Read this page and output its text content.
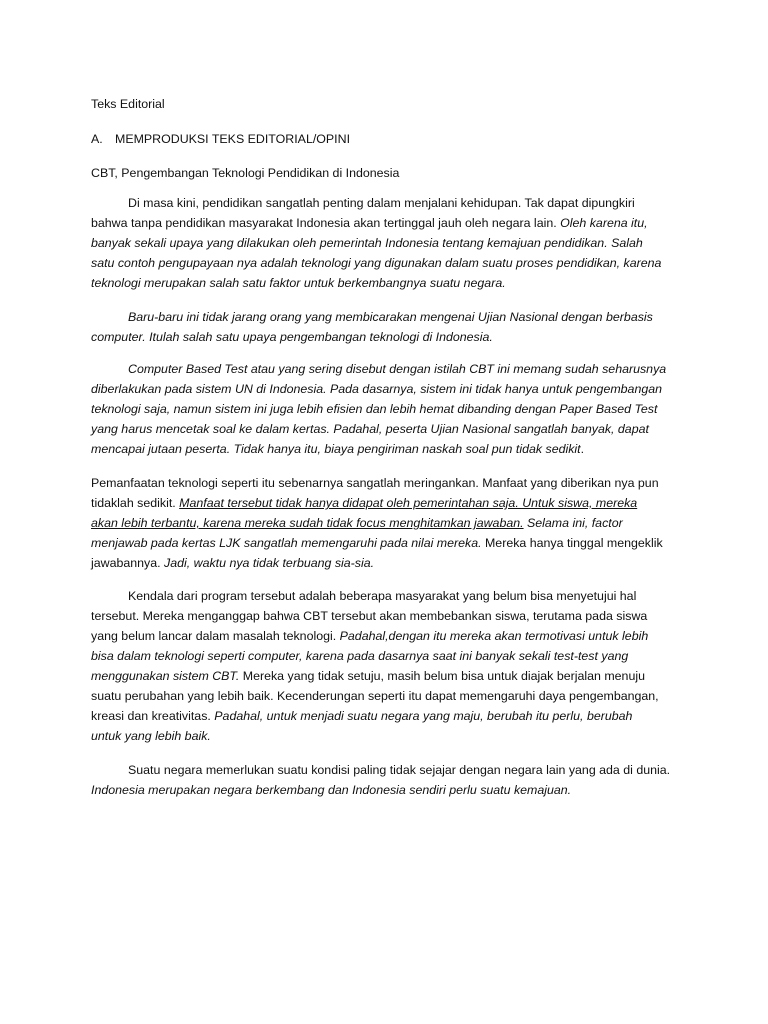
Teks Editorial
A. MEMPRODUKSI TEKS EDITORIAL/OPINI
CBT, Pengembangan Teknologi Pendidikan di Indonesia
Di masa kini, pendidikan sangatlah penting dalam menjalani kehidupan. Tak dapat dipungkiri
bahwa tanpa pendidikan masyarakat Indonesia akan tertinggal jauh oleh negara lain. Oleh karena itu,
banyak sekali upaya yang dilakukan oleh pemerintah Indonesia tentang kemajuan pendidikan. Salah
satu contoh pengupayaan nya adalah teknologi yang digunakan dalam suatu proses pendidikan, karena
teknologi merupakan salah satu faktor untuk berkembangnya suatu negara.
Baru-baru ini tidak jarang orang yang membicarakan mengenai Ujian Nasional dengan berbasis
computer. Itulah salah satu upaya pengembangan teknologi di Indonesia.
Computer Based Test atau yang sering disebut dengan istilah CBT ini memang sudah seharusnya
diberlakukan pada sistem UN di Indonesia. Pada dasarnya, sistem ini tidak hanya untuk pengembangan
teknologi saja, namun sistem ini juga lebih efisien dan lebih hemat dibanding dengan Paper Based Test
yang harus mencetak soal ke dalam kertas. Padahal, peserta Ujian Nasional sangatlah banyak, dapat
mencapai jutaan peserta. Tidak hanya itu, biaya pengiriman naskah soal pun tidak sedikit.
Pemanfaatan teknologi seperti itu sebenarnya sangatlah meringankan. Manfaat yang diberikan nya pun
tidaklah sedikit. Manfaat tersebut tidak hanya didapat oleh pemerintahan saja. Untuk siswa, mereka
akan lebih terbantu, karena mereka sudah tidak focus menghitamkan jawaban. Selama ini, factor
menjawab pada kertas LJK sangatlah memengaruhi pada nilai mereka. Mereka hanya tinggal mengeklik
jawabannya. Jadi, waktu nya tidak terbuang sia-sia.
Kendala dari program tersebut adalah beberapa masyarakat yang belum bisa menyetujui hal
tersebut. Mereka menganggap bahwa CBT tersebut akan membebankan siswa, terutama pada siswa
yang belum lancar dalam masalah teknologi. Padahal,dengan itu mereka akan termotivasi untuk lebih
bisa dalam teknologi seperti computer, karena pada dasarnya saat ini banyak sekali test-test yang
menggunakan sistem CBT. Mereka yang tidak setuju, masih belum bisa untuk diajak berjalan menuju
suatu perubahan yang lebih baik. Kecenderungan seperti itu dapat memengaruhi daya pengembangan,
kreasi dan kreativitas. Padahal, untuk menjadi suatu negara yang maju, berubah itu perlu, berubah
untuk yang lebih baik.
Suatu negara memerlukan suatu kondisi paling tidak sejajar dengan negara lain yang ada di dunia.
Indonesia merupakan negara berkembang dan Indonesia sendiri perlu suatu kemajuan.
